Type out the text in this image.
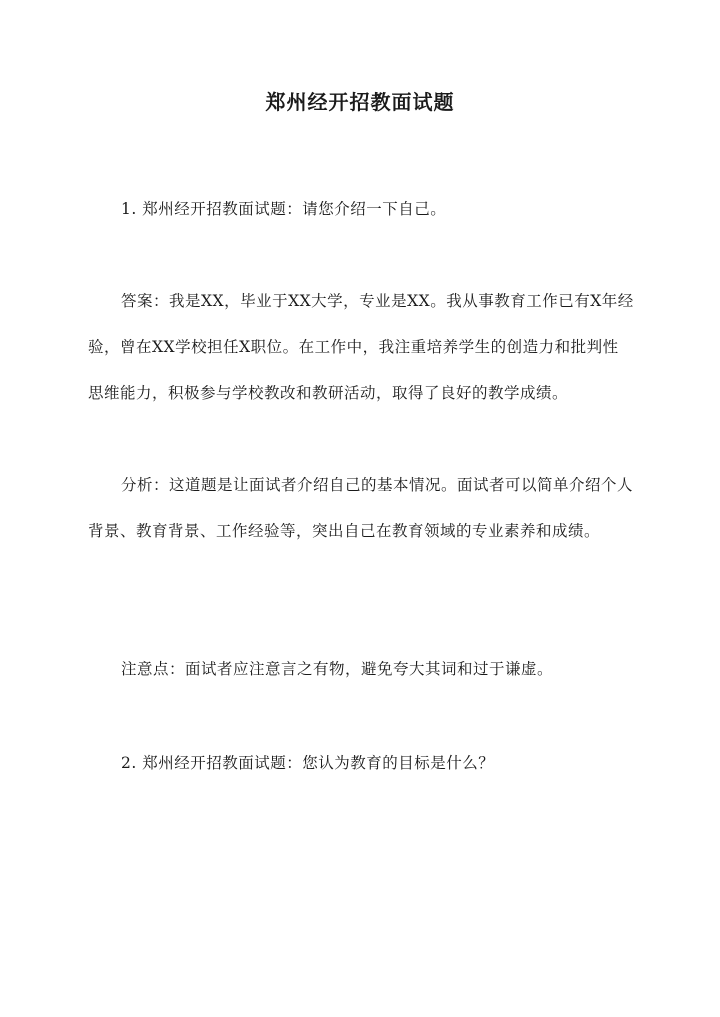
郑州经开招教面试题

1. 郑州经开招教面试题：请您介绍一下自己。

答案：我是XX，毕业于XX大学，专业是XX。我从事教育工作已有X年经验，曾在XX学校担任X职位。在工作中，我注重培养学生的创造力和批判性思维能力，积极参与学校教改和教研活动，取得了良好的教学成绩。

分析：这道题是让面试者介绍自己的基本情况。面试者可以简单介绍个人背景、教育背景、工作经验等，突出自己在教育领域的专业素养和成绩。

注意点：面试者应注意言之有物，避免夸大其词和过于谦虚。

2. 郑州经开招教面试题：您认为教育的目标是什么？
